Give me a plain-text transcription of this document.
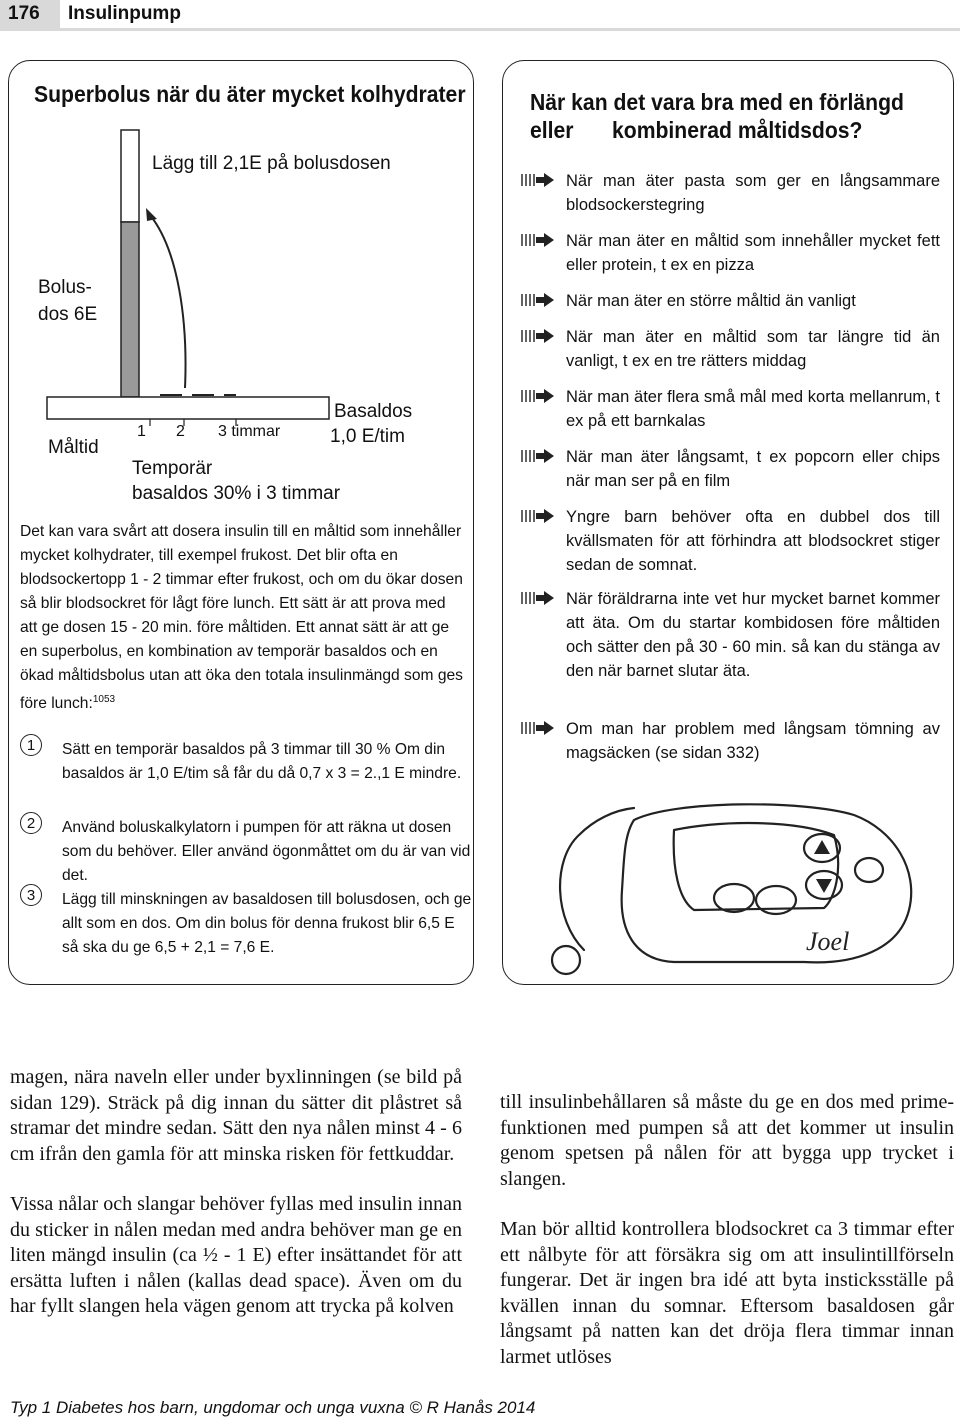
176	Insulinpump
Superbolus när du äter mycket kolhydrater
Lägg till 2,1E på bolusdosen
Bolus-
dos 6E
Måltid
1 2 3 timmar
Basaldos
1,0 E/tim
Temporär
basaldos 30% i 3 timmar

Det kan vara svårt att dosera insulin till en måltid som innehåller mycket kolhydrater, till exempel frukost. Det blir ofta en blodsockertopp 1 - 2 timmar efter frukost, och om du ökar dosen så blir blodsockret för lågt före lunch. Ett sätt är att prova med att ge dosen 15 - 20 min. före måltiden. Ett annat sätt är att ge en superbolus, en kombination av temporär basaldos och en ökad måltidsbolus utan att öka den totala insulinmängd som ges före lunch:$^{1053}$

1	Sätt en temporär basaldos på 3 timmar till 30 % Om din basaldos är 1,0 E/tim så får du då 0,7 x 3 = 2.,1 E mindre.
2	Använd boluskalkylatorn i pumpen för att räkna ut dosen som du behöver. Eller använd ögonmåttet om du är van vid det.
3	Lägg till minskningen av basaldosen till bolusdosen, och ge allt som en dos. Om din bolus för denna frukost blir 6,5 E så ska du ge 6,5 + 2,1 = 7,6 E.
När kan det vara bra med en förlängd eller	kombinerad måltidsdos?
När man äter pasta som ger en långsammare blodsockerstegring
När man äter en måltid som innehåller mycket fett eller protein, t ex en pizza
När man äter en större måltid än vanligt
När man äter en måltid som tar längre tid än vanligt, t ex en tre rätters middag
När man äter flera små mål med korta mellanrum, t ex på ett barnkalas
När man äter långsamt, t ex popcorn eller chips när man ser på en film
Yngre barn behöver ofta en dubbel dos till kvällsmaten för att förhindra att blodsockret stiger sedan de somnat.
När föräldrarna inte vet hur mycket barnet kommer att äta. Om du startar kombidosen före måltiden och sätter den på 30 - 60 min. så kan du stänga av den när barnet slutar äta.
Om man har problem med långsam tömning av magsäcken (se sidan 332)
Joel

magen, nära naveln eller under byxlinningen (se bild på sidan 129). Sträck på dig innan du sätter dit plåstret så stramar det mindre sedan. Sätt den nya nålen minst 4 - 6 cm ifrån den gamla för att minska risken för fettkuddar.

Vissa nålar och slangar behöver fyllas med insulin innan du sticker in nålen medan med andra behöver man ge en liten mängd insulin (ca ½ - 1 E) efter insättandet för att ersätta luften i nålen (kallas dead space). Även om du har fyllt slangen hela vägen genom att trycka på kolven

till insulinbehållaren så måste du ge en dos med prime-funktionen med pumpen så att det kommer ut insulin genom spetsen på nålen för att bygga upp trycket i slangen.

Man bör alltid kontrollera blodsockret ca 3 timmar efter ett nålbyte för att försäkra sig om att insulintillförseln fungerar. Det är ingen bra idé att byta insticksställe på kvällen innan du somnar. Eftersom basaldosen går långsamt på natten kan det dröja flera timmar innan larmet utlöses

Typ 1 Diabetes hos barn, ungdomar och unga vuxna © R Hanås 2014
